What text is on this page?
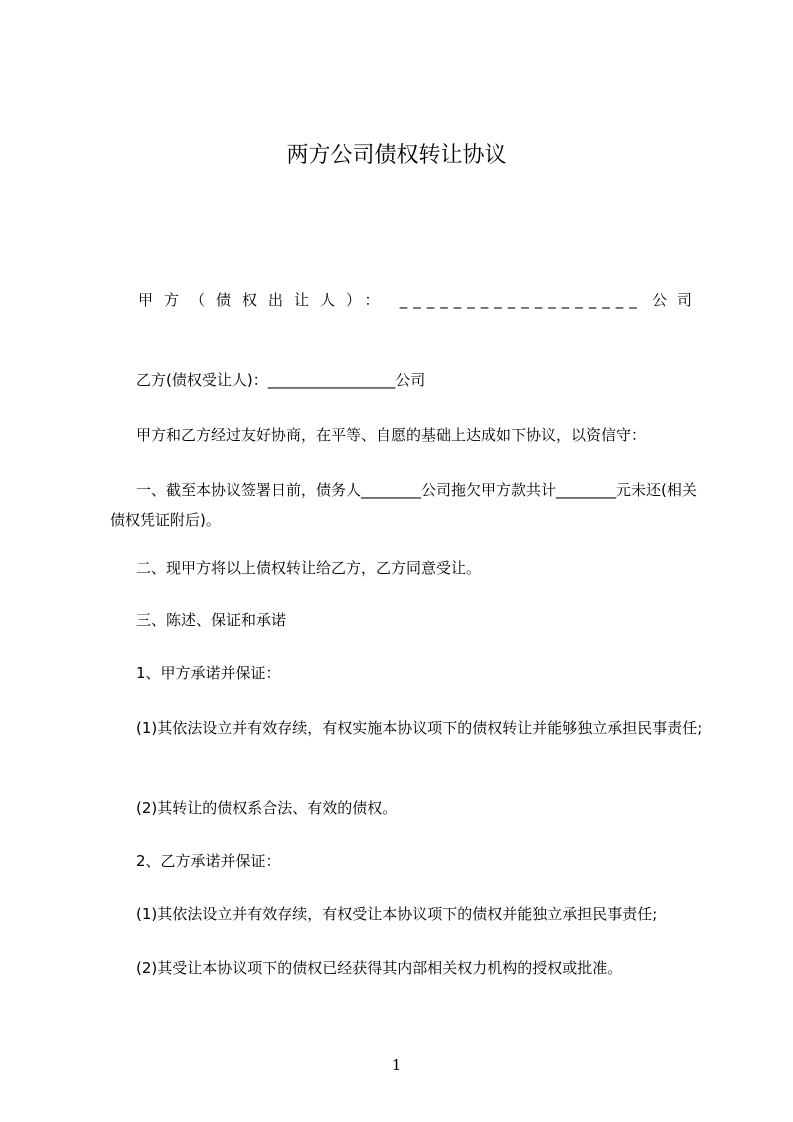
两方公司债权转让协议
甲方（债权出让人）： __________________ 公司
乙方(债权受让人)：_________________公司
甲方和乙方经过友好协商，在平等、自愿的基础上达成如下协议，以资信守：
一、截至本协议签署日前，债务人________公司拖欠甲方款共计________元未还(相关债权凭证附后)。
二、现甲方将以上债权转让给乙方，乙方同意受让。
三、陈述、保证和承诺
1、甲方承诺并保证：
(1)其依法设立并有效存续，有权实施本协议项下的债权转让并能够独立承担民事责任;
(2)其转让的债权系合法、有效的债权。
2、乙方承诺并保证：
(1)其依法设立并有效存续，有权受让本协议项下的债权并能独立承担民事责任;
(2)其受让本协议项下的债权已经获得其内部相关权力机构的授权或批准。
1
